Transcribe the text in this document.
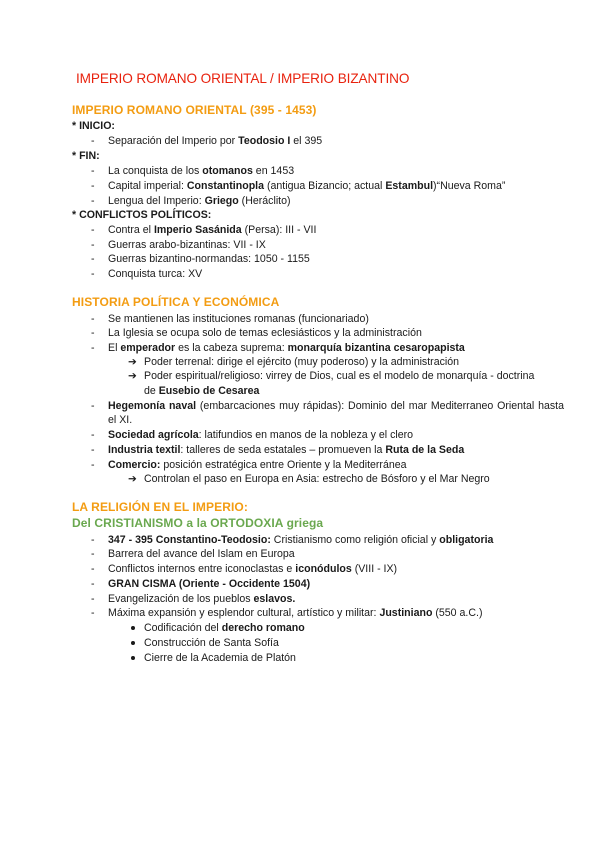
IMPERIO ROMANO ORIENTAL / IMPERIO BIZANTINO
IMPERIO ROMANO ORIENTAL (395 - 1453)
* INICIO:
- Separación del Imperio por Teodosio I el 395
* FIN:
- La conquista de los otomanos en 1453
- Capital imperial: Constantinopla (antigua Bizancio; actual Estambul)“Nueva Roma”
- Lengua del Imperio: Griego (Heráclito)
* CONFLICTOS POLÍTICOS:
- Contra el Imperio Sasánida (Persa): III - VII
- Guerras arabo-bizantinas: VII - IX
- Guerras bizantino-normandas: 1050 - 1155
- Conquista turca: XV
HISTORIA POLÍTICA Y ECONÓMICA
- Se mantienen las instituciones romanas (funcionariado)
- La Iglesia se ocupa solo de temas eclesiásticos y la administración
- El emperador es la cabeza suprema: monarquía bizantina cesaropapista
➔ Poder terrenal: dirige el ejército (muy poderoso) y la administración
➔ Poder espiritual/religioso: virrey de Dios, cual es el modelo de monarquía - doctrina
de Eusebio de Cesarea
- Hegemonía naval (embarcaciones muy rápidas): Dominio del mar Mediterraneo Oriental hasta el XI.
- Sociedad agrícola: latifundios en manos de la nobleza y el clero
- Industria textil: talleres de seda estatales – promueven la Ruta de la Seda
- Comercio: posición estratégica entre Oriente y la Mediterránea
➔ Controlan el paso en Europa en Asia: estrecho de Bósforo y el Mar Negro
LA RELIGIÓN EN EL IMPERIO:
Del CRISTIANISMO a la ORTODOXIA griega
- 347 - 395 Constantino-Teodosio: Cristianismo como religión oficial y obligatoria
- Barrera del avance del Islam en Europa
- Conflictos internos entre iconoclastas e iconódulos (VIII - IX)
- GRAN CISMA (Oriente - Occidente 1504)
- Evangelización de los pueblos eslavos.
- Máxima expansión y esplendor cultural, artístico y militar: Justiniano (550 a.C.)
Codificación del derecho romano
Construcción de Santa Sofía
Cierre de la Academia de Platón
